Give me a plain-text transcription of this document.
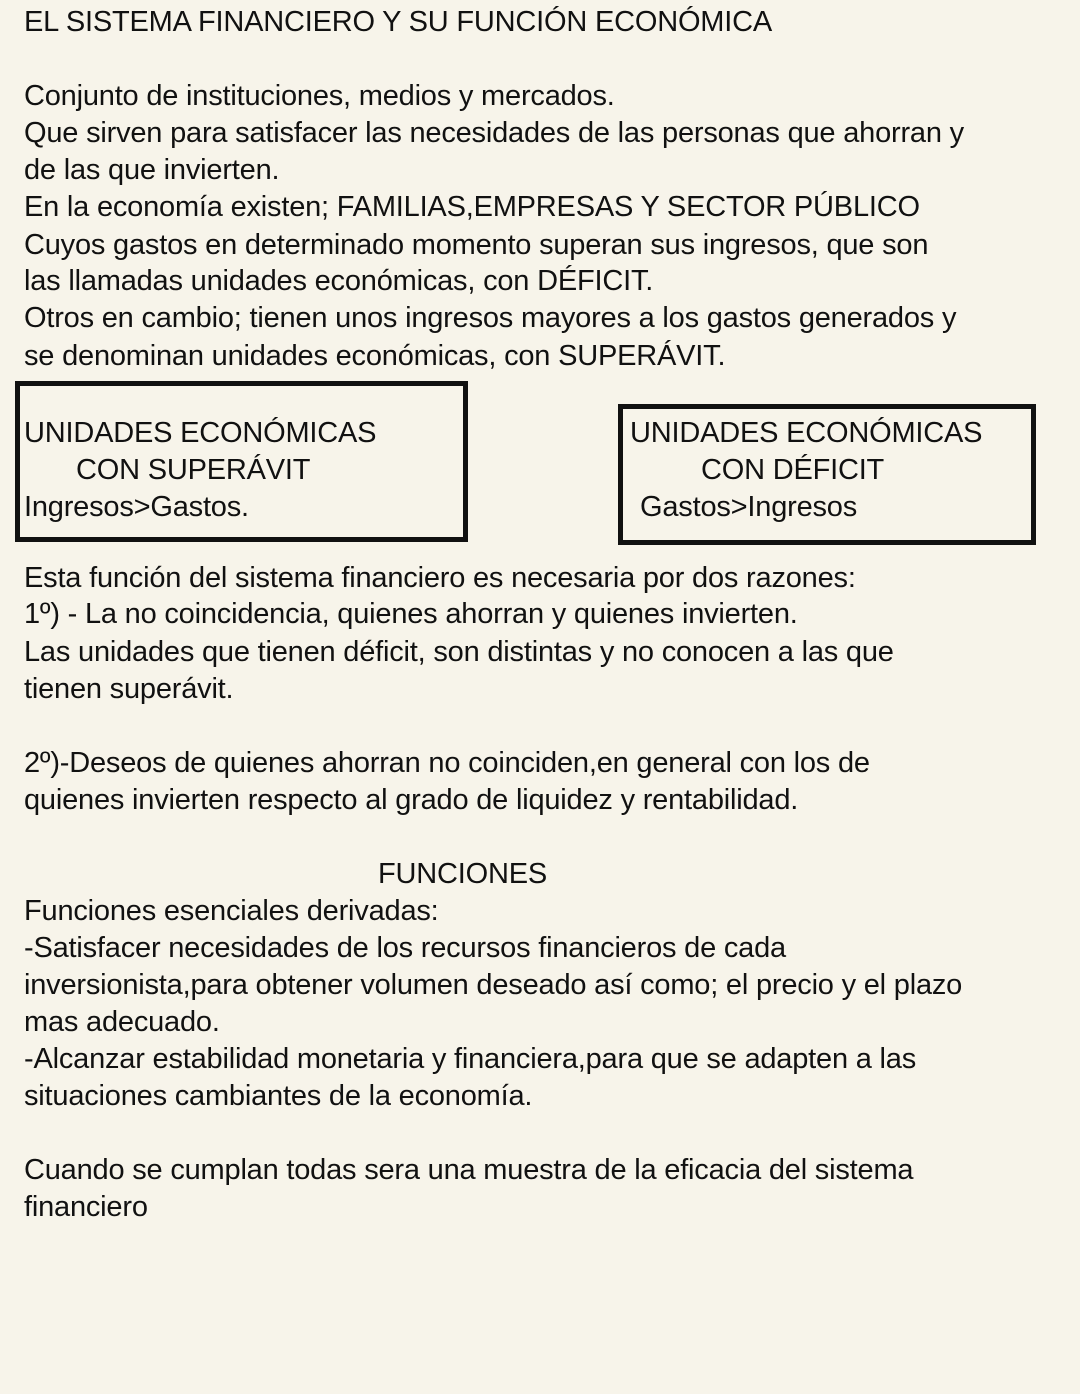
EL SISTEMA FINANCIERO Y SU FUNCIÓN ECONÓMICA
Conjunto de instituciones, medios y mercados.
Que sirven para satisfacer las necesidades de las personas que ahorran y
de las que invierten.
En la economía existen; FAMILIAS,EMPRESAS Y SECTOR PÚBLICO
Cuyos gastos en determinado momento superan sus ingresos, que son
las llamadas unidades económicas, con DÉFICIT.
Otros en cambio; tienen unos ingresos mayores a los gastos generados y
se denominan unidades económicas, con SUPERÁVIT.
UNIDADES ECONÓMICAS
CON SUPERÁVIT
Ingresos>Gastos.
UNIDADES ECONÓMICAS
CON DÉFICIT
Gastos>Ingresos
Esta función del sistema financiero es necesaria por dos razones:
1º) - La no coincidencia, quienes ahorran y quienes invierten.
Las unidades que tienen déficit, son distintas y no conocen a las que
tienen superávit.
2º)-Deseos de quienes ahorran no coinciden,en general con los de
quienes invierten respecto al grado de liquidez y rentabilidad.
FUNCIONES
Funciones esenciales derivadas:
-Satisfacer necesidades de los recursos financieros de cada
inversionista,para obtener volumen deseado así como; el precio y el plazo
mas adecuado.
-Alcanzar estabilidad monetaria y financiera,para que se adapten a las
situaciones cambiantes de la economía.
Cuando se cumplan todas sera una muestra de la eficacia del sistema
financiero
